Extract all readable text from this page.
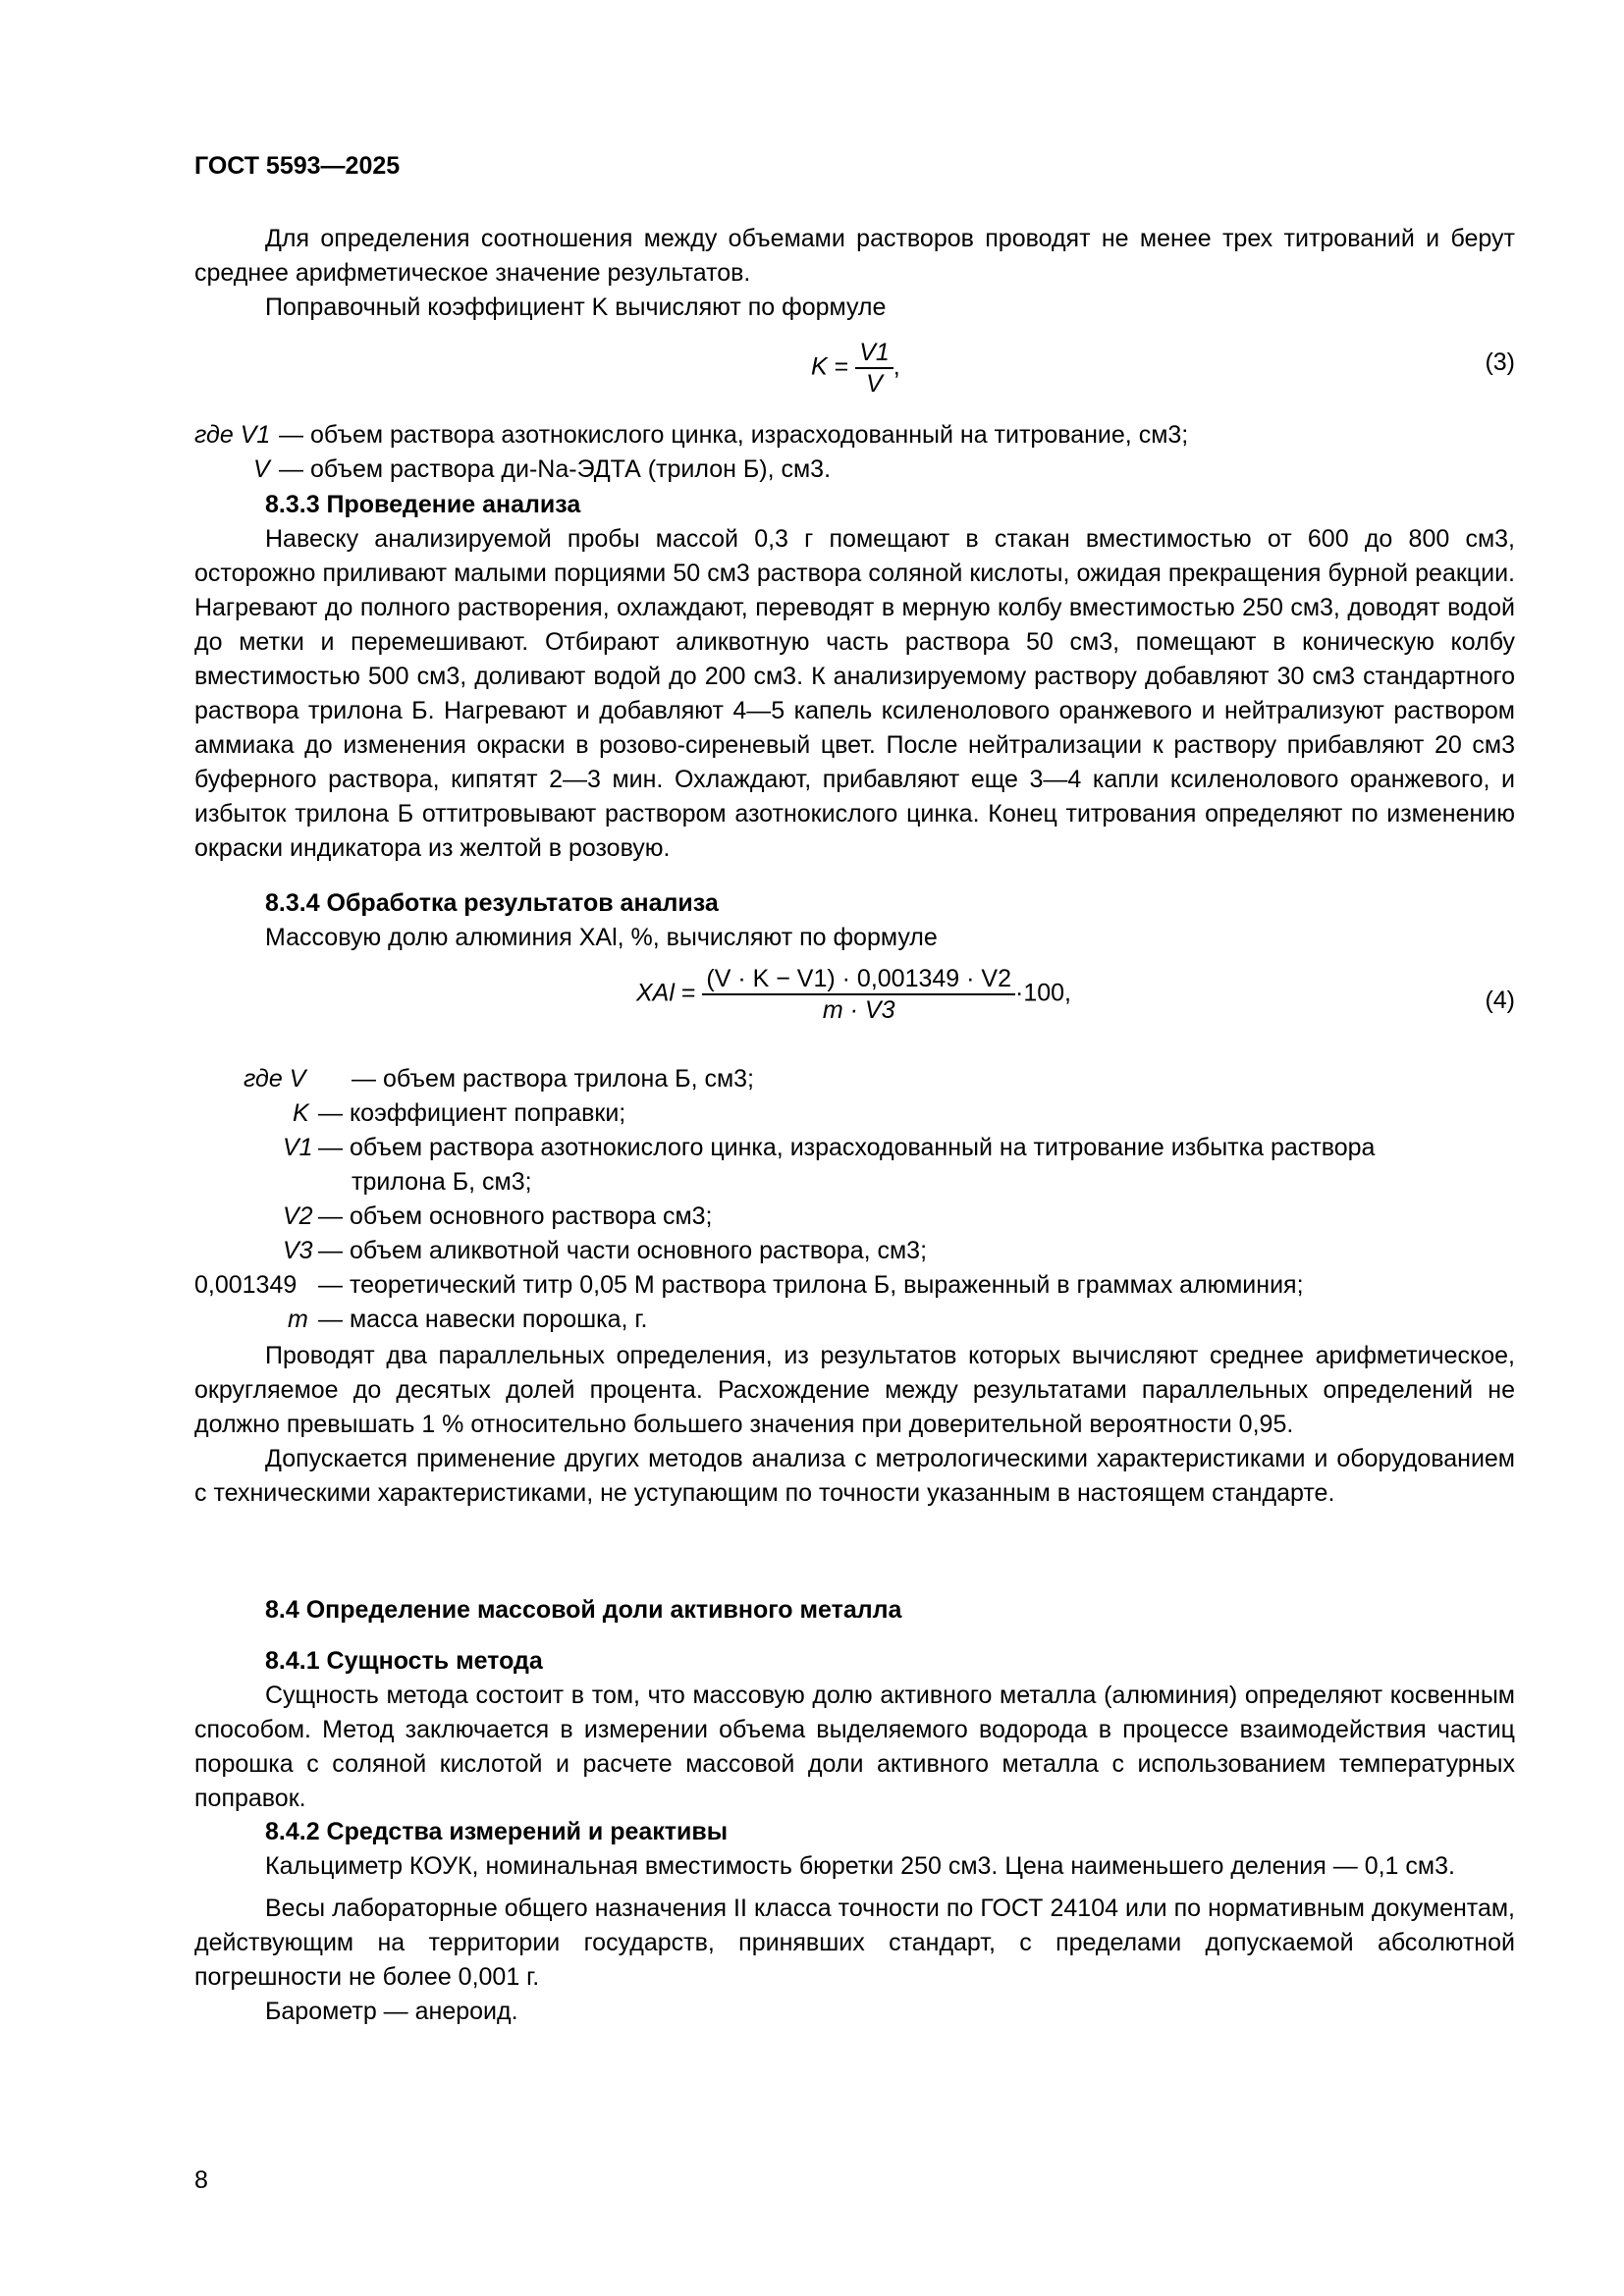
ГОСТ 5593—2025

Для определения соотношения между объемами растворов проводят не менее трех титрований и берут среднее арифметическое значение результатов.

Поправочный коэффициент K вычисляют по формуле

$K = \frac{V1}{V}$ ,	(3)
где V1 — объем раствора азотнокислого цинка, израсходованный на титрование, см3;
V — объем раствора ди-Na-ЭДТА (трилон Б), см3.

8.3.3 Проведение анализа

Навеску анализируемой пробы массой 0,3 г помещают в стакан вместимостью от 600 до 800 см3, осторожно приливают малыми порциями 50 см3 раствора соляной кислоты, ожидая прекращения бурной реакции. Нагревают до полного растворения, охлаждают, переводят в мерную колбу вместимостью 250 см3, доводят водой до метки и перемешивают. Отбирают аликвотную часть раствора 50 см3, помещают в коническую колбу вместимостью 500 см3, доливают водой до 200 см3. К анализируемому раствору добавляют 30 см3 стандартного раствора трилона Б. Нагревают и добавляют 4—5 капель ксиленолового оранжевого и нейтрализуют раствором аммиака до изменения окраски в розово-сиреневый цвет. После нейтрализации к раствору прибавляют 20 см3 буферного раствора, кипятят 2—3 мин. Охлаждают, прибавляют еще 3—4 капли ксиленолового оранжевого, и избыток трилона Б оттитровывают раствором азотнокислого цинка. Конец титрования определяют по изменению окраски индикатора из желтой в розовую.

8.3.4 Обработка результатов анализа

Массовую долю алюминия XAl, %, вычисляют по формуле

XAl = $\frac{(V \cdot K - V1) \cdot 0,001349 \cdot V2}{m \cdot V3} \cdot 100$,	(4)
где V — объем раствора трилона Б, см3;
K — коэффициент поправки;
V1 — объем раствора азотнокислого цинка, израсходованный на титрование избытка раствора
трилона Б, см3;
V2 — объем основного раствора см3;
V3 — объем аликвотной части основного раствора, см3;
0,001349 — теоретический титр 0,05 М раствора трилона Б, выраженный в граммах алюминия;
m — масса навески порошка, г.

Проводят два параллельных определения, из результатов которых вычисляют среднее арифметическое, округляемое до десятых долей процента. Расхождение между результатами параллельных определений не должно превышать 1 % относительно большего значения при доверительной вероятности 0,95.

Допускается применение других методов анализа с метрологическими характеристиками и оборудованием с техническими характеристиками, не уступающим по точности указанным в настоящем стандарте.

8.4 Определение массовой доли активного металла

8.4.1 Сущность метода

Сущность метода состоит в том, что массовую долю активного металла (алюминия) определяют косвенным способом. Метод заключается в измерении объема выделяемого водорода в процессе взаимодействия частиц порошка с соляной кислотой и расчете массовой доли активного металла с использованием температурных поправок.

8.4.2 Средства измерений и реактивы

Кальциметр КОУК, номинальная вместимость бюретки 250 см3. Цена наименьшего деления — 0,1 см3.

Весы лабораторные общего назначения II класса точности по ГОСТ 24104 или по нормативным документам, действующим на территории государств, принявших стандарт, с пределами допускаемой абсолютной погрешности не более 0,001 г.

Барометр — анероид.

8
